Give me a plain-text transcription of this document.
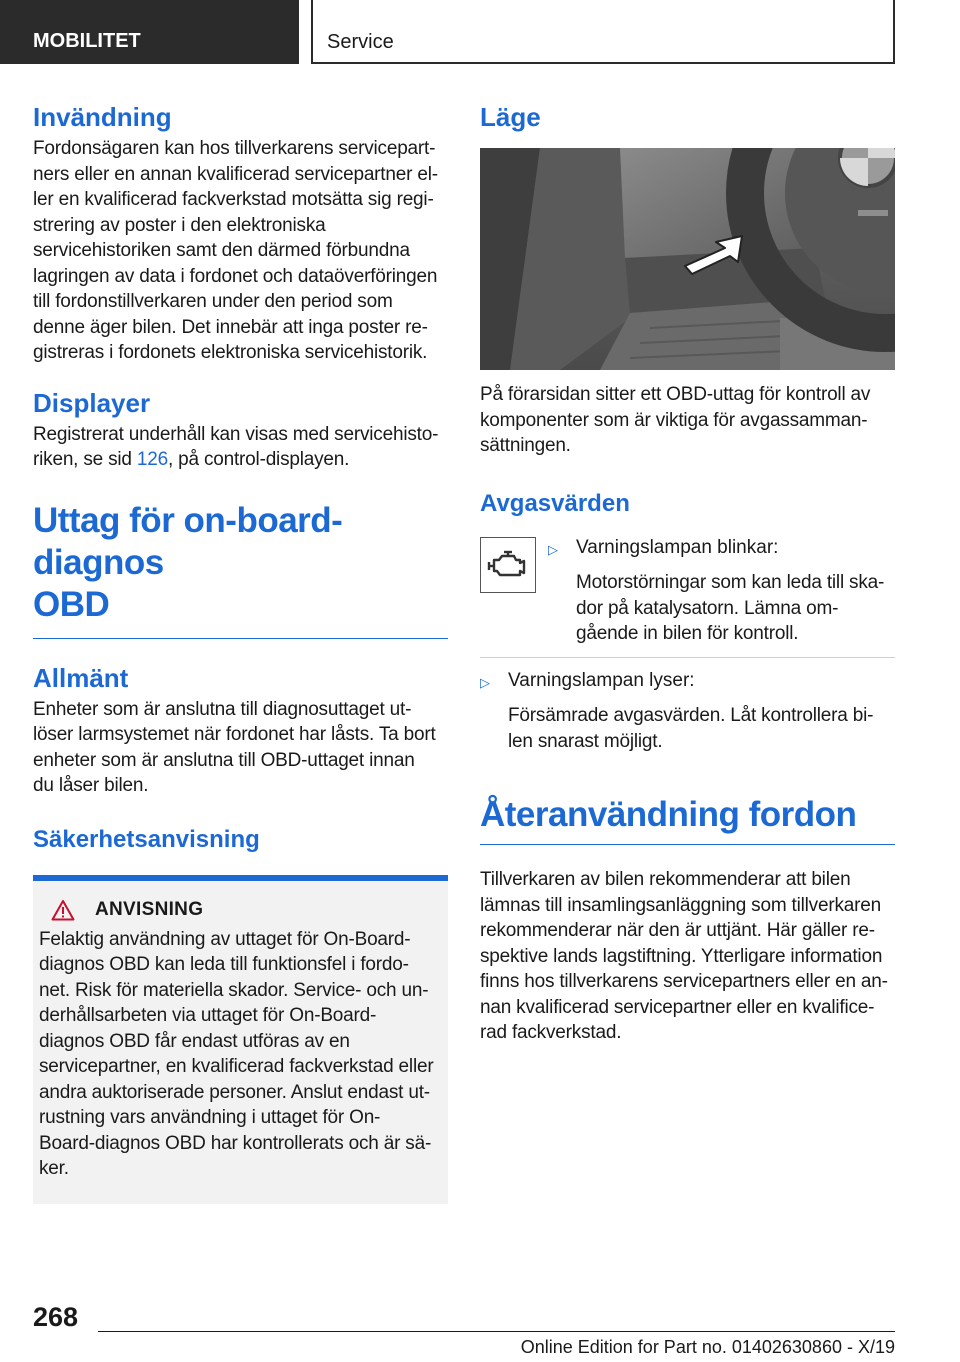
MOBILITET	Service
Invändning

Fordonsägaren kan hos tillverkarens servicepart-
ners eller en annan kvalificerad servicepartner el-
ler en kvalificerad fackverkstad motsätta sig regi-
strering av poster i den elektroniska
servicehistoriken samt den därmed förbundna
lagringen av data i fordonet och dataöverföringen
till fordonstillverkaren under den period som
denne äger bilen. Det innebär att inga poster re-
gistreras i fordonets elektroniska servicehistorik.

Displayer

Registrerat underhåll kan visas med servicehisto-
riken, se sid 126, på control-displayen.

Uttag för on-board-diagnos
OBD
Allmänt

Enheter som är anslutna till diagnosuttaget ut-
löser larmsystemet när fordonet har låsts. Ta bort
enheter som är anslutna till OBD-uttaget innan
du låser bilen.

Säkerhetsanvisning
ANVISNING

Felaktig användning av uttaget för On-Board-
diagnos OBD kan leda till funktionsfel i fordo-
net. Risk för materiella skador. Service- och un-
derhållsarbeten via uttaget för On-Board-
diagnos OBD får endast utföras av en
servicepartner, en kvalificerad fackverkstad eller
andra auktoriserade personer. Anslut endast ut-
rustning vars användning i uttaget för On-
Board-diagnos OBD har kontrollerats och är sä-
ker.

Läge

På förarsidan sitter ett OBD-uttag för kontroll av
komponenter som är viktiga för avgassamman-
sättningen.

Avgasvärden
▷ Varningslampan blinkar:
Motorstörningar som kan leda till ska-
dor på katalysatorn. Lämna om-
gående in bilen för kontroll.
▷ Varningslampan lyser:
Försämrade avgasvärden. Låt kontrollera bi-
len snarast möjligt.
Återanvändning fordon

Tillverkaren av bilen rekommenderar att bilen
lämnas till insamlingsanläggning som tillverkaren
rekommenderar när den är uttjänt. Här gäller re-
spektive lands lagstiftning. Ytterligare information
finns hos tillverkarens servicepartners eller en an-
nan kvalificerad servicepartner eller en kvalifice-
rad fackverkstad.

268
Online Edition for Part no. 01402630860 - X/19
